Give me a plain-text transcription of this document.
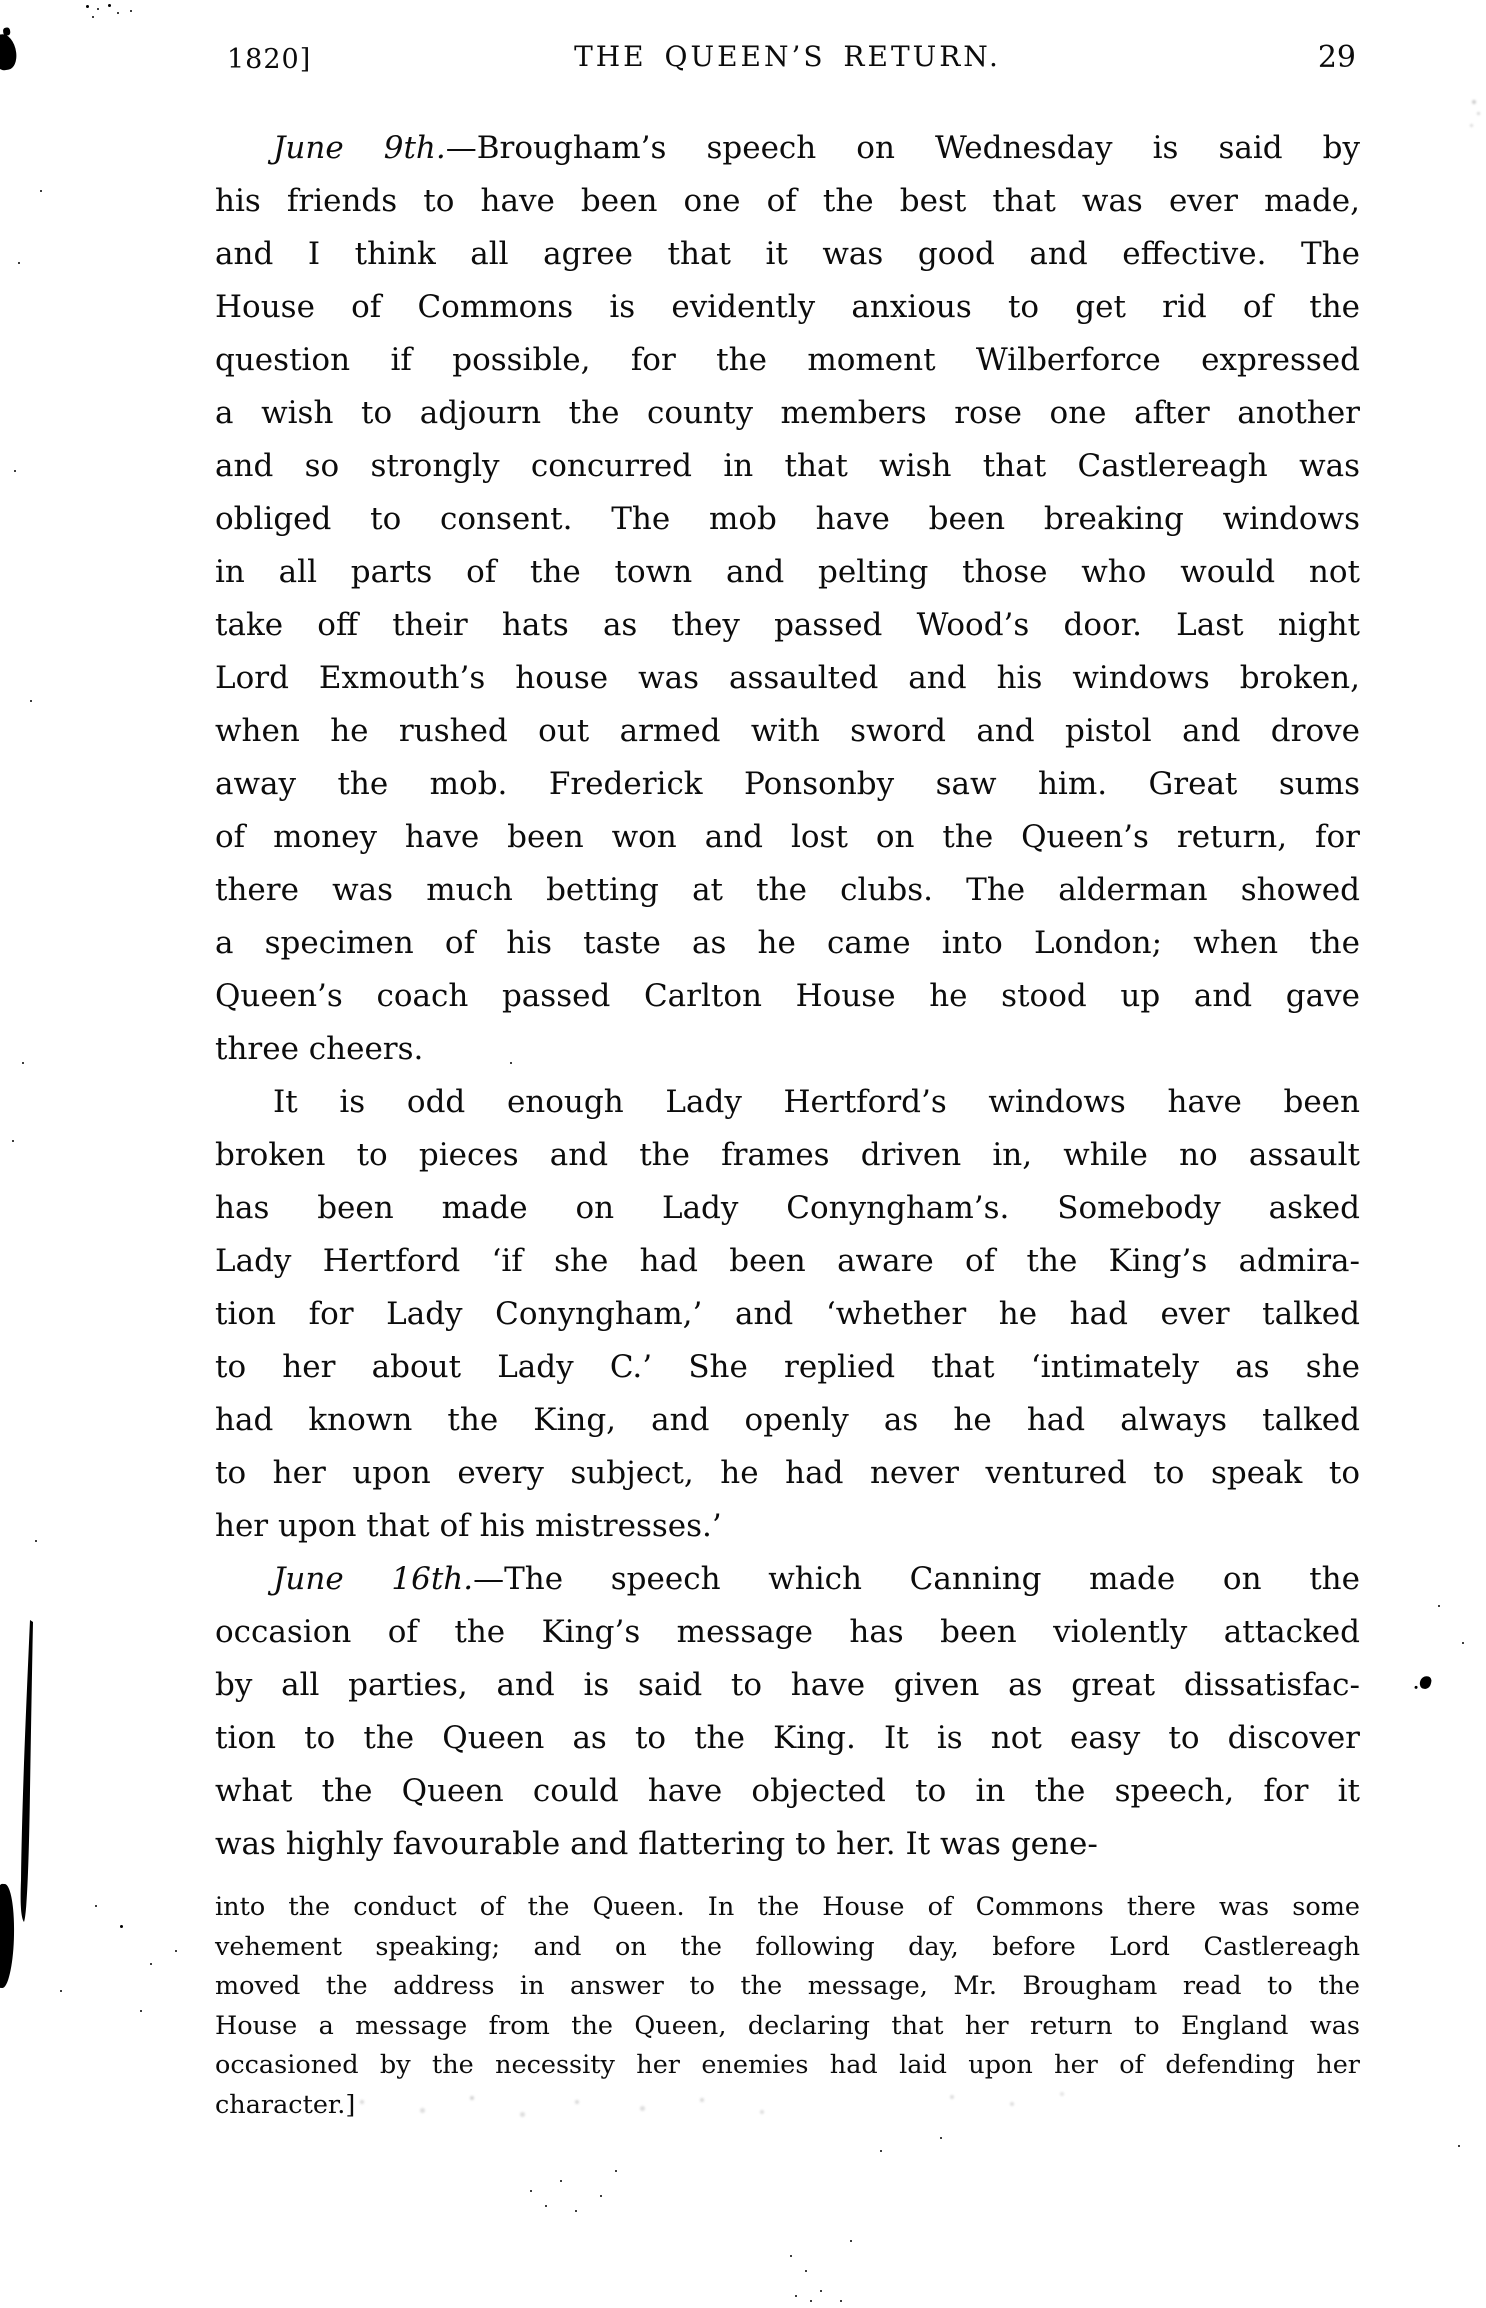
1820]	THE QUEEN’S RETURN.	29
June 9th.—Brougham’s speech on Wednesday is said by
his friends to have been one of the best that was ever made,
and I think all agree that it was good and effective. The
House of Commons is evidently anxious to get rid of the
question if possible, for the moment Wilberforce expressed
a wish to adjourn the county members rose one after another
and so strongly concurred in that wish that Castlereagh was
obliged to consent. The mob have been breaking windows
in all parts of the town and pelting those who would not
take off their hats as they passed Wood’s door. Last night
Lord Exmouth’s house was assaulted and his windows broken,
when he rushed out armed with sword and pistol and drove
away the mob. Frederick Ponsonby saw him. Great sums
of money have been won and lost on the Queen’s return, for
there was much betting at the clubs. The alderman showed
a specimen of his taste as he came into London; when the
Queen’s coach passed Carlton House he stood up and gave
three cheers.
It is odd enough Lady Hertford’s windows have been
broken to pieces and the frames driven in, while no assault
has been made on Lady Conyngham’s. Somebody asked
Lady Hertford ‘if she had been aware of the King’s admira-
tion for Lady Conyngham,’ and ‘whether he had ever talked
to her about Lady C.’ She replied that ‘intimately as she
had known the King, and openly as he had always talked
to her upon every subject, he had never ventured to speak to
her upon that of his mistresses.’
June 16th.—The speech which Canning made on the
occasion of the King’s message has been violently attacked
by all parties, and is said to have given as great dissatisfac-
tion to the Queen as to the King. It is not easy to discover
what the Queen could have objected to in the speech, for it
was highly favourable and flattering to her. It was gene-
into the conduct of the Queen. In the House of Commons there was some
vehement speaking; and on the following day, before Lord Castlereagh
moved the address in answer to the message, Mr. Brougham read to the
House a message from the Queen, declaring that her return to England was
occasioned by the necessity her enemies had laid upon her of defending her
character.]
